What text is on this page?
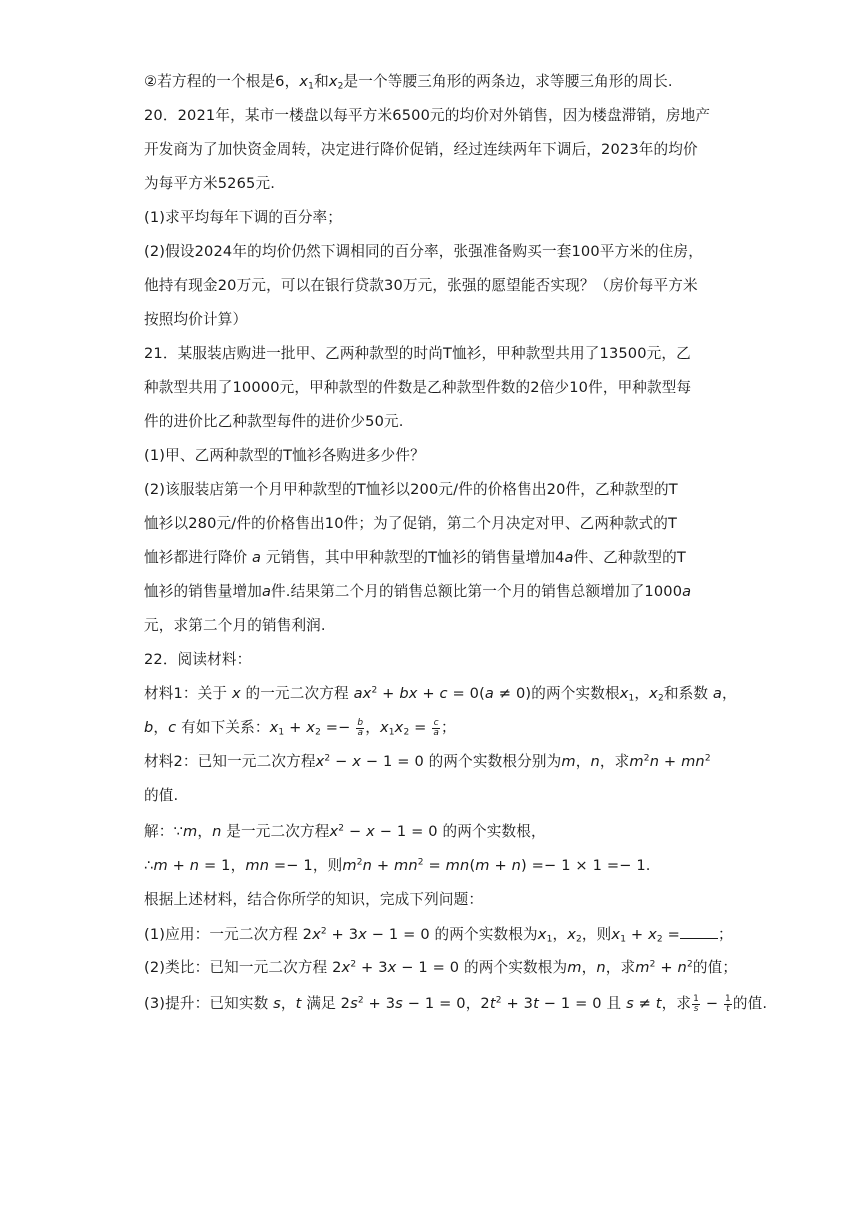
②若方程的一个根是6，$x_1$和$x_2$是一个等腰三角形的两条边，求等腰三角形的周长.
20．2021年，某市一楼盘以每平方米6500元的均价对外销售，因为楼盘滞销，房地产
开发商为了加快资金周转，决定进行降价促销，经过连续两年下调后，2023年的均价
为每平方米5265元.
(1)求平均每年下调的百分率；
(2)假设2024年的均价仍然下调相同的百分率，张强准备购买一套100平方米的住房，
他持有现金20万元，可以在银行贷款30万元，张强的愿望能否实现？（房价每平方米
按照均价计算）
21．某服装店购进一批甲、乙两种款型的时尚T恤衫，甲种款型共用了13500元，乙
种款型共用了10000元，甲种款型的件数是乙种款型件数的2倍少10件，甲种款型每
件的进价比乙种款型每件的进价少50元.
(1)甲、乙两种款型的T恤衫各购进多少件？
(2)该服装店第一个月甲种款型的T恤衫以200元/件的价格售出20件，乙种款型的T
恤衫以280元/件的价格售出10件；为了促销，第二个月决定对甲、乙两种款式的T
恤衫都进行降价 a 元销售，其中甲种款型的T恤衫的销售量增加4a件、乙种款型的T
恤衫的销售量增加a件.结果第二个月的销售总额比第一个月的销售总额增加了1000a
元，求第二个月的销售利润.
22．阅读材料：
材料1：关于 x 的一元二次方程 $ax^2$ + bx + c = 0(a ≠ 0)的两个实数根$x_1$，$x_2$和系数 a，
b，c 有如下关系：$x_1 + x_2 =- \frac{b}{a}$ ，$x_1x_2 = \frac{c}{a}$ ；
材料2：已知一元二次方程$x^2 - x - 1 = 0$ 的两个实数根分别为m，n，求$m^2n + mn^2$
的值.
解：∵m，n 是一元二次方程$x^2 - x - 1 = 0$ 的两个实数根，
∴m + n = 1，mn =− 1，则$m^2n + mn^2 = mn(m + n) =- 1 \times 1 =- 1$.
根据上述材料，结合你所学的知识，完成下列问题：
(1)应用：一元二次方程 $2x^2 + 3x - 1 = 0$ 的两个实数根为$x_1$，$x_2$，则$x_1 + x_2$ =	；
(2)类比：已知一元二次方程 $2x^2 + 3x - 1 = 0$ 的两个实数根为m，n，求$m^2 + n^2$的值；
(3)提升：已知实数 s，t 满足 $2s^2 + 3s - 1 = 0$，$2t^2 + 3t - 1 = 0$ 且 s ≠ t，求 $\frac{1}{s} - \frac{1}{t}$ 的值.
